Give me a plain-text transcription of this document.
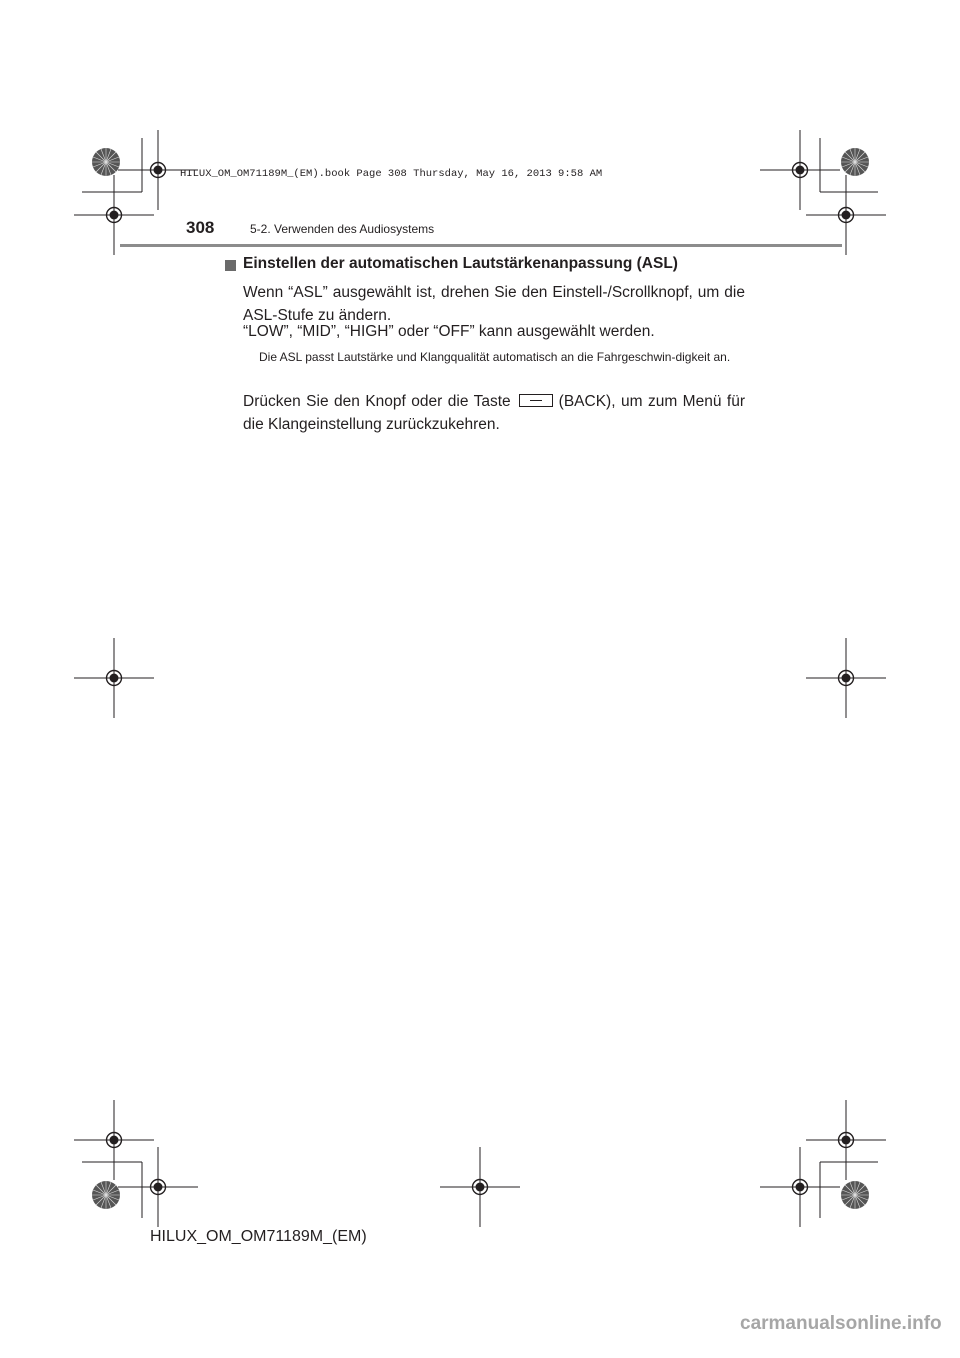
HILUX_OM_OM71189M_(EM).book Page 308 Thursday, May 16, 2013 9:58 AM
308	5-2. Verwenden des Audiosystems
Einstellen der automatischen Lautstärkenanpassung (ASL)
Wenn “ASL” ausgewählt ist, drehen Sie den Einstell-/Scrollknopf, um die ASL-Stufe zu ändern.
“LOW”, “MID”, “HIGH” oder “OFF” kann ausgewählt werden.
Die ASL passt Lautstärke und Klangqualität automatisch an die Fahrgeschwin-digkeit an.
Drücken Sie den Knopf oder die Taste	(BACK), um zum Menü für die Klangeinstellung zurückzukehren.
HILUX_OM_OM71189M_(EM)
carmanualsonline.info
